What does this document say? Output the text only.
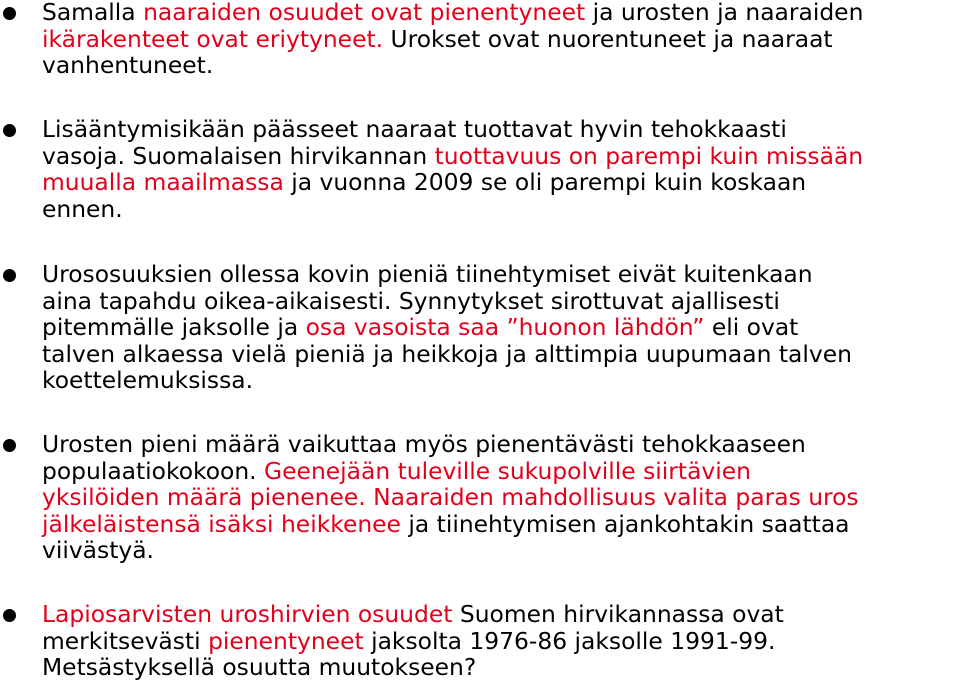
Samalla naaraiden osuudet ovat pienentyneet ja urosten ja naaraiden
ikärakenteet ovat eriytyneet. Urokset ovat nuorentuneet ja naaraat
vanhentuneet.

Lisääntymisikään päässeet naaraat tuottavat hyvin tehokkaasti
vasoja. Suomalaisen hirvikannan tuottavuus on parempi kuin missään
muualla maailmassa ja vuonna 2009 se oli parempi kuin koskaan
ennen.

Urososuuksien ollessa kovin pieniä tiinehtymiset eivät kuitenkaan
aina tapahdu oikea-aikaisesti. Synnytykset sirottuvat ajallisesti
pitemmälle jaksolle ja osa vasoista saa ”huonon lähdön” eli ovat
talven alkaessa vielä pieniä ja heikkoja ja alttimpia uupumaan talven
koettelemuksissa.

Urosten pieni määrä vaikuttaa myös pienentävästi tehokkaaseen
populaatiokokoon. Geenejään tuleville sukupolville siirtävien
yksilöiden määrä pienenee. Naaraiden mahdollisuus valita paras uros
jälkeläistensä isäksi heikkenee ja tiinehtymisen ajankohtakin saattaa
viivästyä.

Lapiosarvisten uroshirvien osuudet Suomen hirvikannassa ovat
merkitsevästi pienentyneet jaksolta 1976-86 jaksolle 1991-99.
Metsästyksellä osuutta muutokseen?
